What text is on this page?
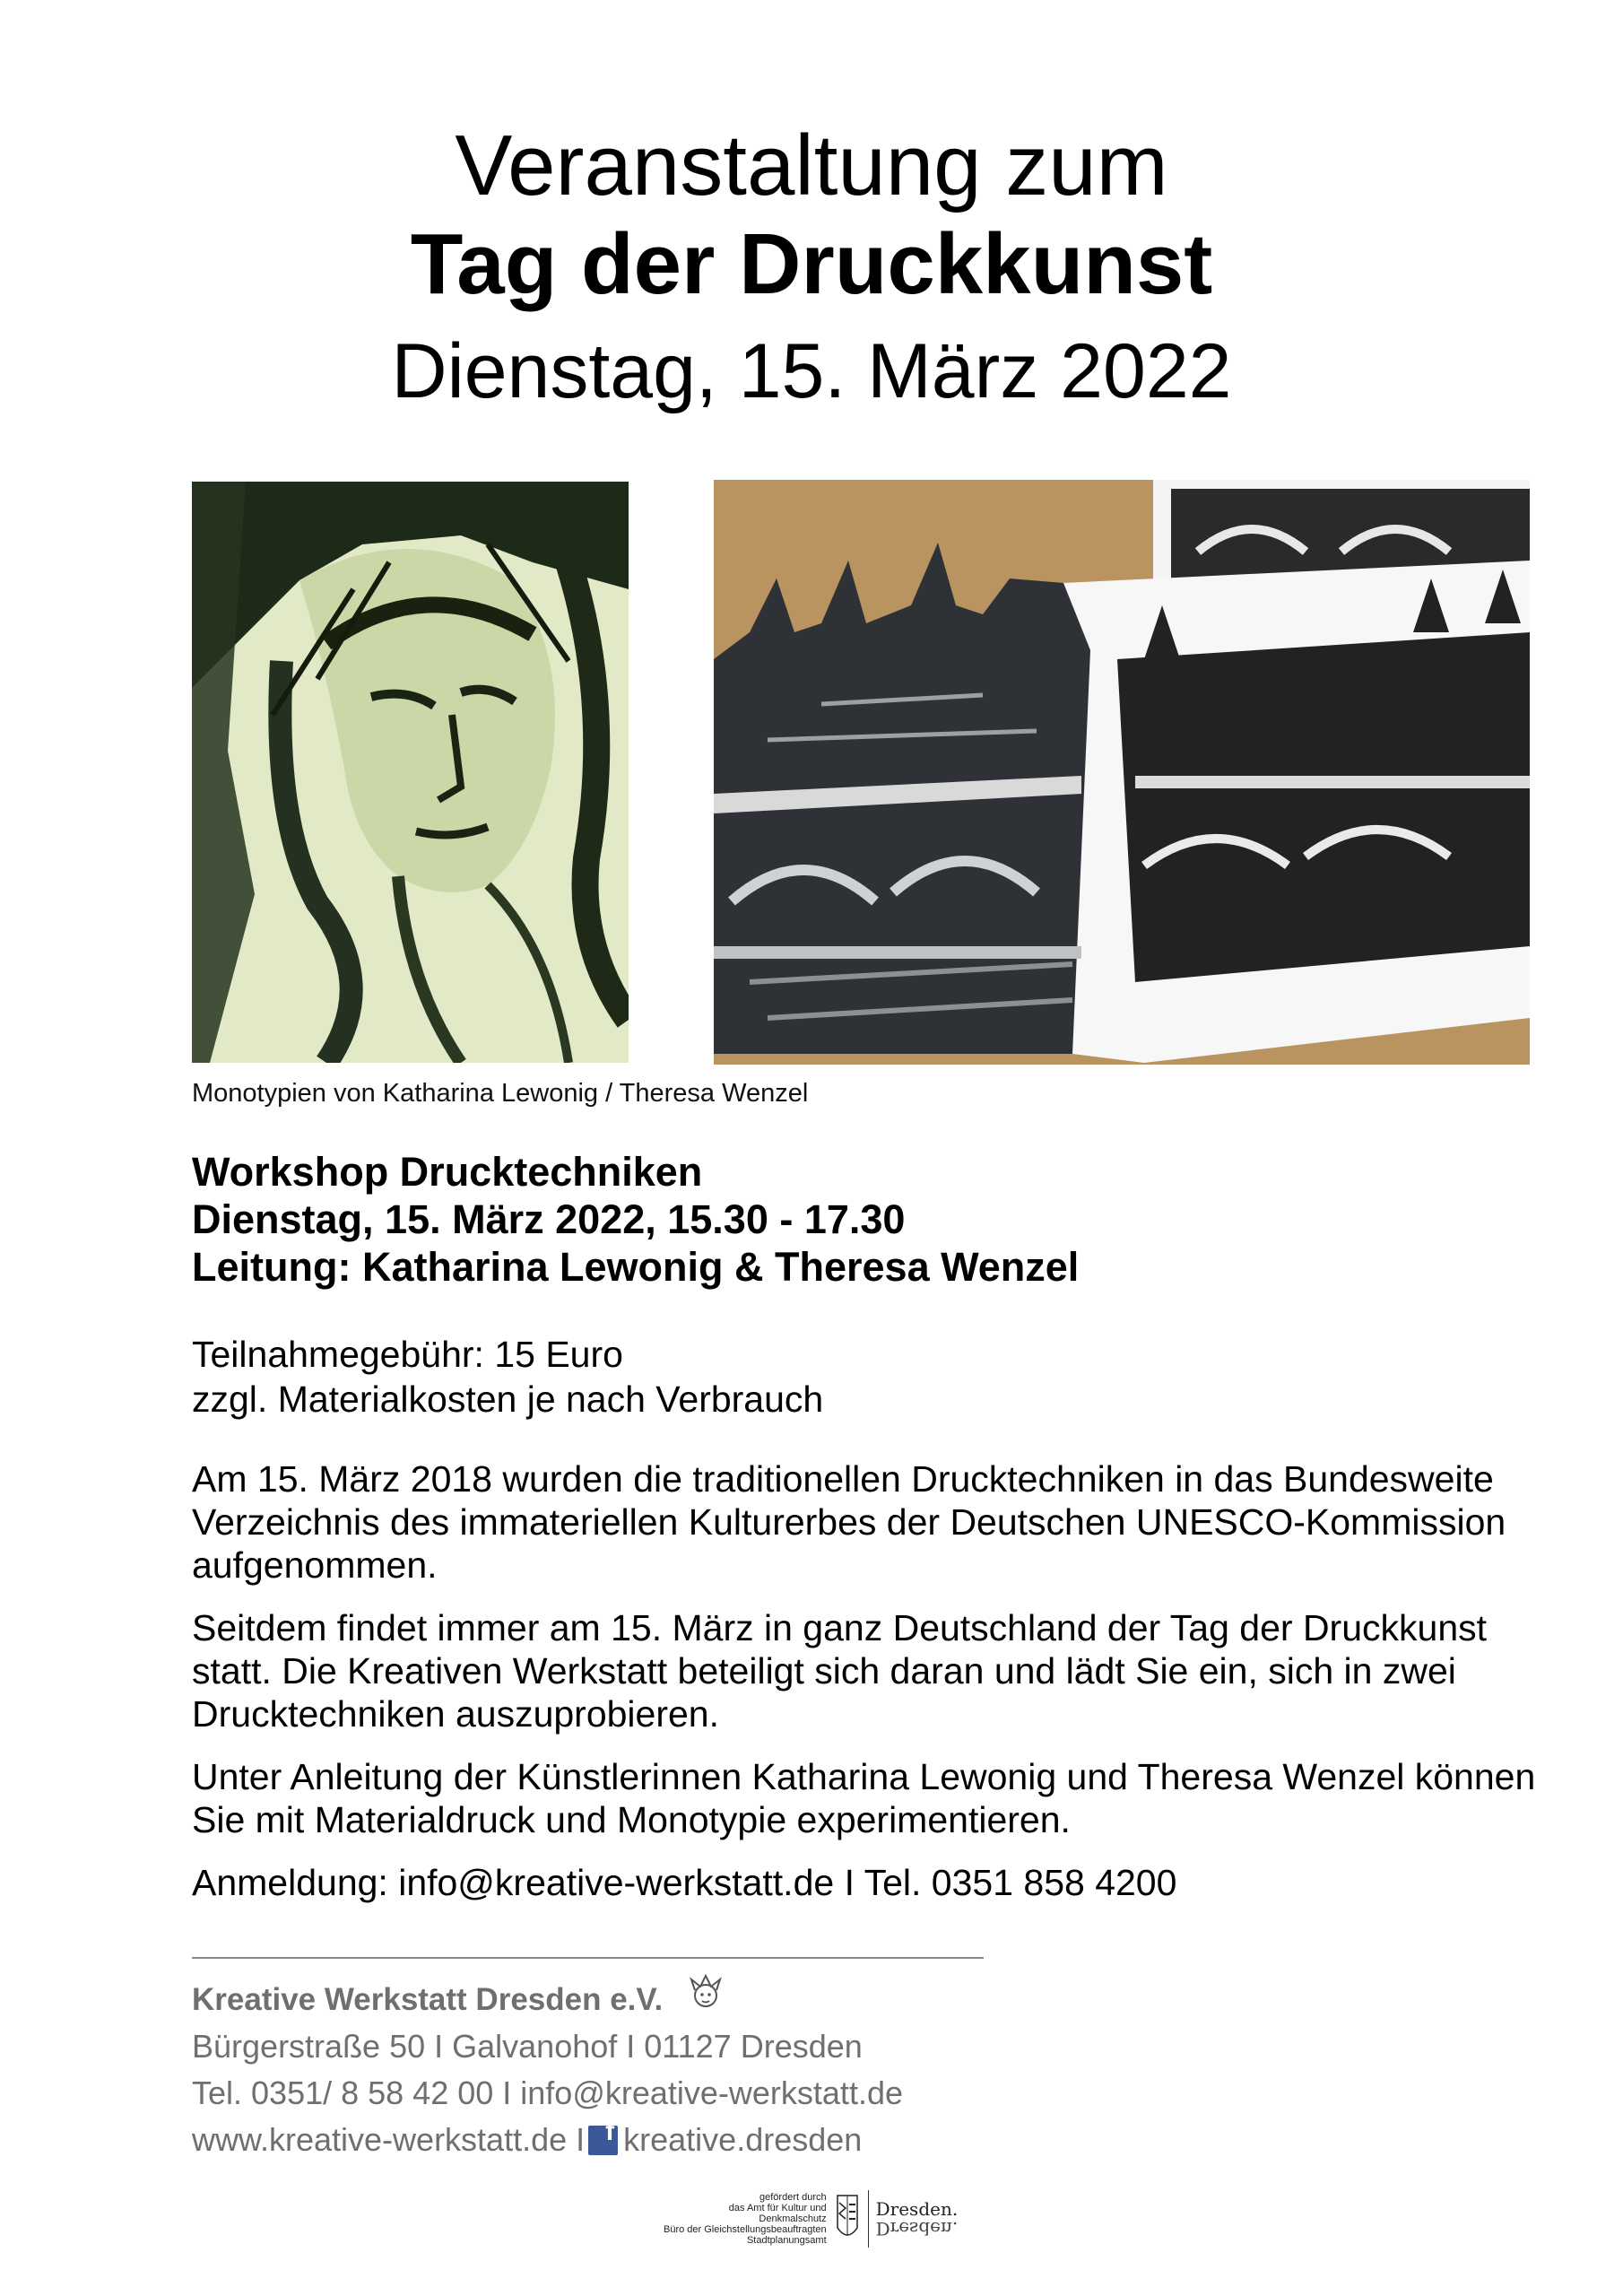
Veranstaltung zum
Tag der Druckkunst
Dienstag, 15. März 2022
Monotypien von Katharina Lewonig / Theresa Wenzel
Workshop Drucktechniken
Dienstag, 15. März 2022, 15.30 - 17.30
Leitung: Katharina Lewonig & Theresa Wenzel
Teilnahmegebühr: 15 Euro
zzgl. Materialkosten je nach Verbrauch

Am 15. März 2018 wurden die traditionellen Drucktechniken in das Bundesweite Verzeichnis des immateriellen Kulturerbes der Deutschen UNESCO-Kommission aufgenommen.

Seitdem findet immer am 15. März in ganz Deutschland der Tag der Druckkunst statt. Die Kreativen Werkstatt beteiligt sich daran und lädt Sie ein, sich in zwei Drucktechniken auszuprobieren.

Unter Anleitung der Künstlerinnen Katharina Lewonig und Theresa Wenzel können Sie mit Materialdruck und Monotypie experimentieren.

Anmeldung: info@kreative-werkstatt.de I Tel. 0351 858 4200

Kreative Werkstatt Dresden e.V.
Bürgerstraße 50 I Galvanohof I 01127 Dresden
Tel. 0351/ 8 58 42 00 I info@kreative-werkstatt.de
www.kreative-werkstatt.de I f kreative.dresden
gefördert durch
das Amt für Kultur und
Denkmalschutz
Büro der Gleichstellungsbeauftragten
Stadtplanungsamt
Dresden.
Dresden.
